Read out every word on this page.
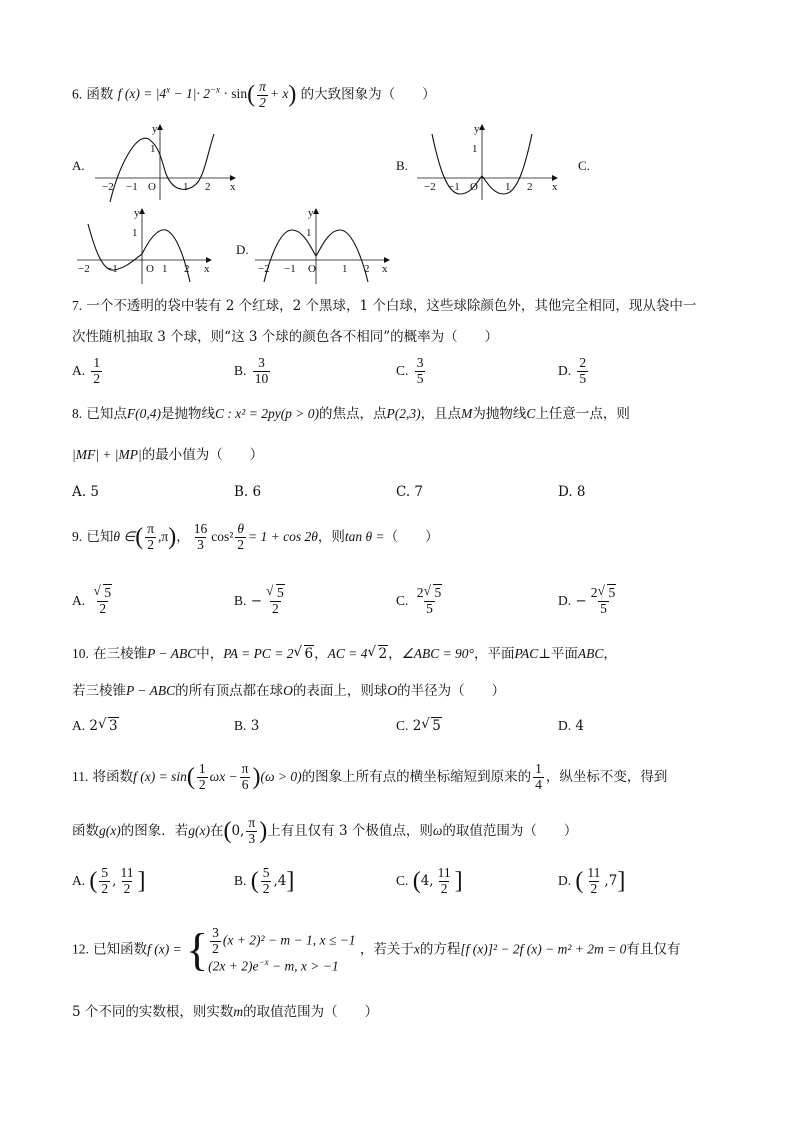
6. 函数 f $(x) = |4^x - 1|\cdot 2^{-x} \cdot \sin( \frac{\pi}{2} + x)$ 的大致图象为（　　）
A.
y
x
O
1
−2 −1	1 2
B.
y
x
O
1
−2 −1	1 2
C.
y
x
O
1
−2 −1	1 2
D.
y
x
O
1
−2 −1	1 2
7. 一个不透明的袋中装有 2 个红球，2 个黑球，1 个白球，这些球除颜色外，其他完全相同，现从袋中一
次性随机抽取 3 个球，则“这 3 个球的颜色各不相同”的概率为（　　）
A. $\frac{1}{2}$	B. $\frac{3}{10}$	C. $\frac{3}{5}$	D. $\frac{2}{5}$
8. 已知点F(0,4)是抛物线C : x² = 2py(p > 0)的焦点，点P(2,3)，且点M为抛物线C上任意一点，则
|MF| + |MP|的最小值为（　　）
A. 5	B. 6	C. 7	D. 8
9. 已知θ ∈( $\frac{\pi}{2} ,\pi$)， $\frac{16}{3} \cos^2 \frac{\theta}{2} = 1 + \cos 2\theta$，则tan θ =（　　）
A. √ $\frac{5}{2}$	B. − √ $\frac{5}{2}$	C. $\frac{2 √ 5}{5}$	D. − $\frac{2 √ 5}{5}$
10. 在三棱锥P − ABC中，PA = PC = 2 √ 6，AC = 4 √ 2，∠ABC = 90°，平面PAC⊥平面ABC，
若三棱锥P − ABC的所有顶点都在球O的表面上，则球O的半径为（　　）
A. 2 √ 3	B. 3	C. 2 √ 5	D. 4
11. 将函数f $(x) = \sin( \frac{1}{2}$ $\omega x - \frac{\pi}{6} )(\omega > 0)$的图象上所有点的横坐标缩短到原来的 $\frac{1}{4}$ ，纵坐标不变，得到
函数g(x)的图象．若g(x)在(0, $\frac{\pi}{3}$ )上有且仅有 3 个极值点，则ω的取值范围为（　　）
A. ( $\frac{5}{2}$ , $\frac{11}{2}$ ]	B. ( $\frac{5}{2} ,4$]	C. (4, $\frac{11}{2}$ ]	D. ( $\frac{11}{2} ,7$]
12. 已知函数f (x) = { $\frac{3}{2} (x + 2)^2 - m - 1$, x ≤ −1
$(2x + 2)e^{-x} - m$, x > −1
，若关于x的方程[f (x)]² − 2f (x) − m² + 2m = 0有且仅有
5 个不同的实数根，则实数m的取值范围为（　　）
